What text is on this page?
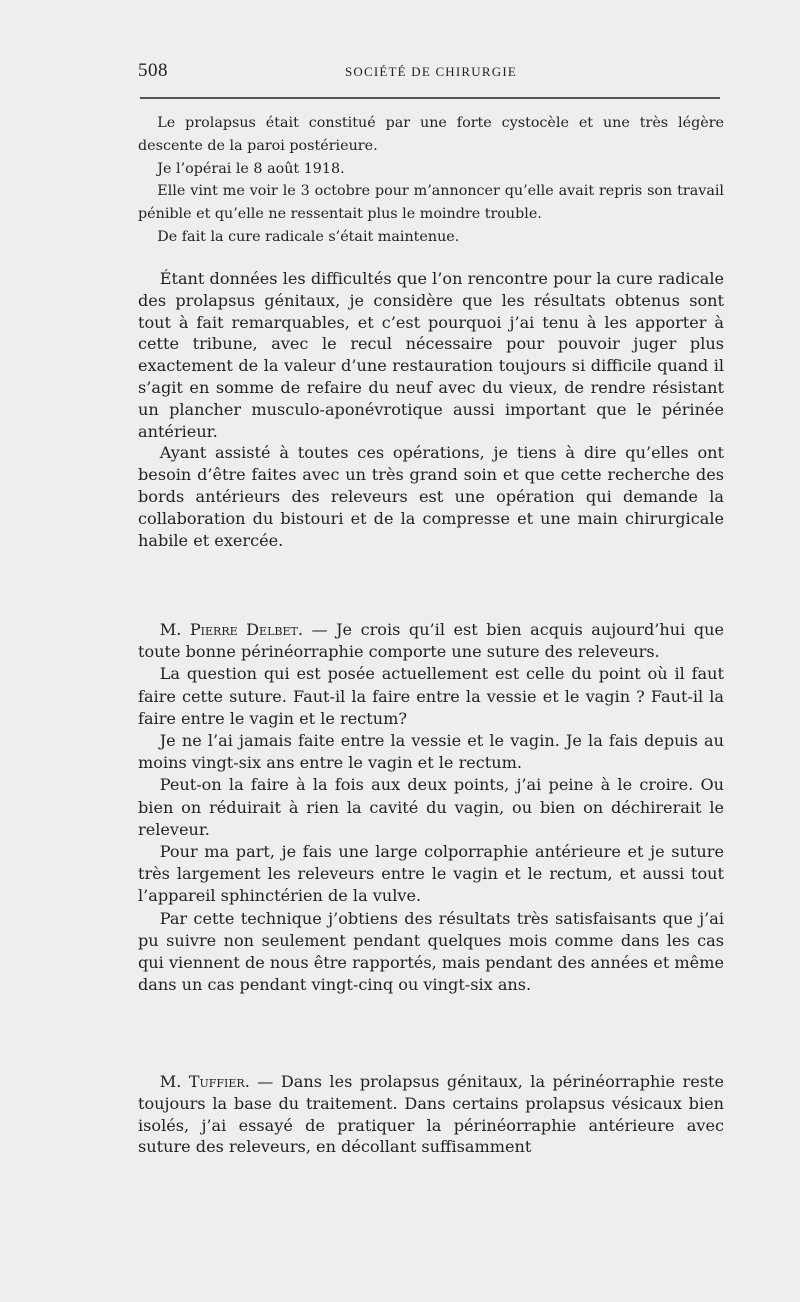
508	SOCIÉTÉ DE CHIRURGIE

Le prolapsus était constitué par une forte cystocèle et une très légère descente de la paroi postérieure.

Je l’opérai le 8 août 1918.

Elle vint me voir le 3 octobre pour m’annoncer qu’elle avait repris son travail pénible et qu’elle ne ressentait plus le moindre trouble.

De fait la cure radicale s’était maintenue.

Étant données les difficultés que l’on rencontre pour la cure radicale des prolapsus génitaux, je considère que les résultats obtenus sont tout à fait remarquables, et c’est pourquoi j’ai tenu à les apporter à cette tribune, avec le recul nécessaire pour pouvoir juger plus exactement de la valeur d’une restauration toujours si difficile quand il s’agit en somme de refaire du neuf avec du vieux, de rendre résistant un plancher musculo-aponévrotique aussi important que le périnée antérieur.

Ayant assisté à toutes ces opérations, je tiens à dire qu’elles ont besoin d’être faites avec un très grand soin et que cette recherche des bords antérieurs des releveurs est une opération qui demande la collaboration du bistouri et de la compresse et une main chirurgicale habile et exercée.

M. Pierre Delbet. — Je crois qu’il est bien acquis aujourd’hui que toute bonne périnéorraphie comporte une suture des releveurs.

La question qui est posée actuellement est celle du point où il faut faire cette suture. Faut-il la faire entre la vessie et le vagin ? Faut-il la faire entre le vagin et le rectum?

Je ne l’ai jamais faite entre la vessie et le vagin. Je la fais depuis au moins vingt-six ans entre le vagin et le rectum.

Peut-on la faire à la fois aux deux points, j’ai peine à le croire. Ou bien on réduirait à rien la cavité du vagin, ou bien on déchirerait le releveur.

Pour ma part, je fais une large colporraphie antérieure et je suture très largement les releveurs entre le vagin et le rectum, et aussi tout l’appareil sphinctérien de la vulve.

Par cette technique j’obtiens des résultats très satisfaisants que j’ai pu suivre non seulement pendant quelques mois comme dans les cas qui viennent de nous être rapportés, mais pendant des années et même dans un cas pendant vingt-cinq ou vingt-six ans.

M. Tuffier. — Dans les prolapsus génitaux, la périnéorraphie reste toujours la base du traitement. Dans certains prolapsus vésicaux bien isolés, j’ai essayé de pratiquer la périnéorraphie antérieure avec suture des releveurs, en décollant suffisamment
